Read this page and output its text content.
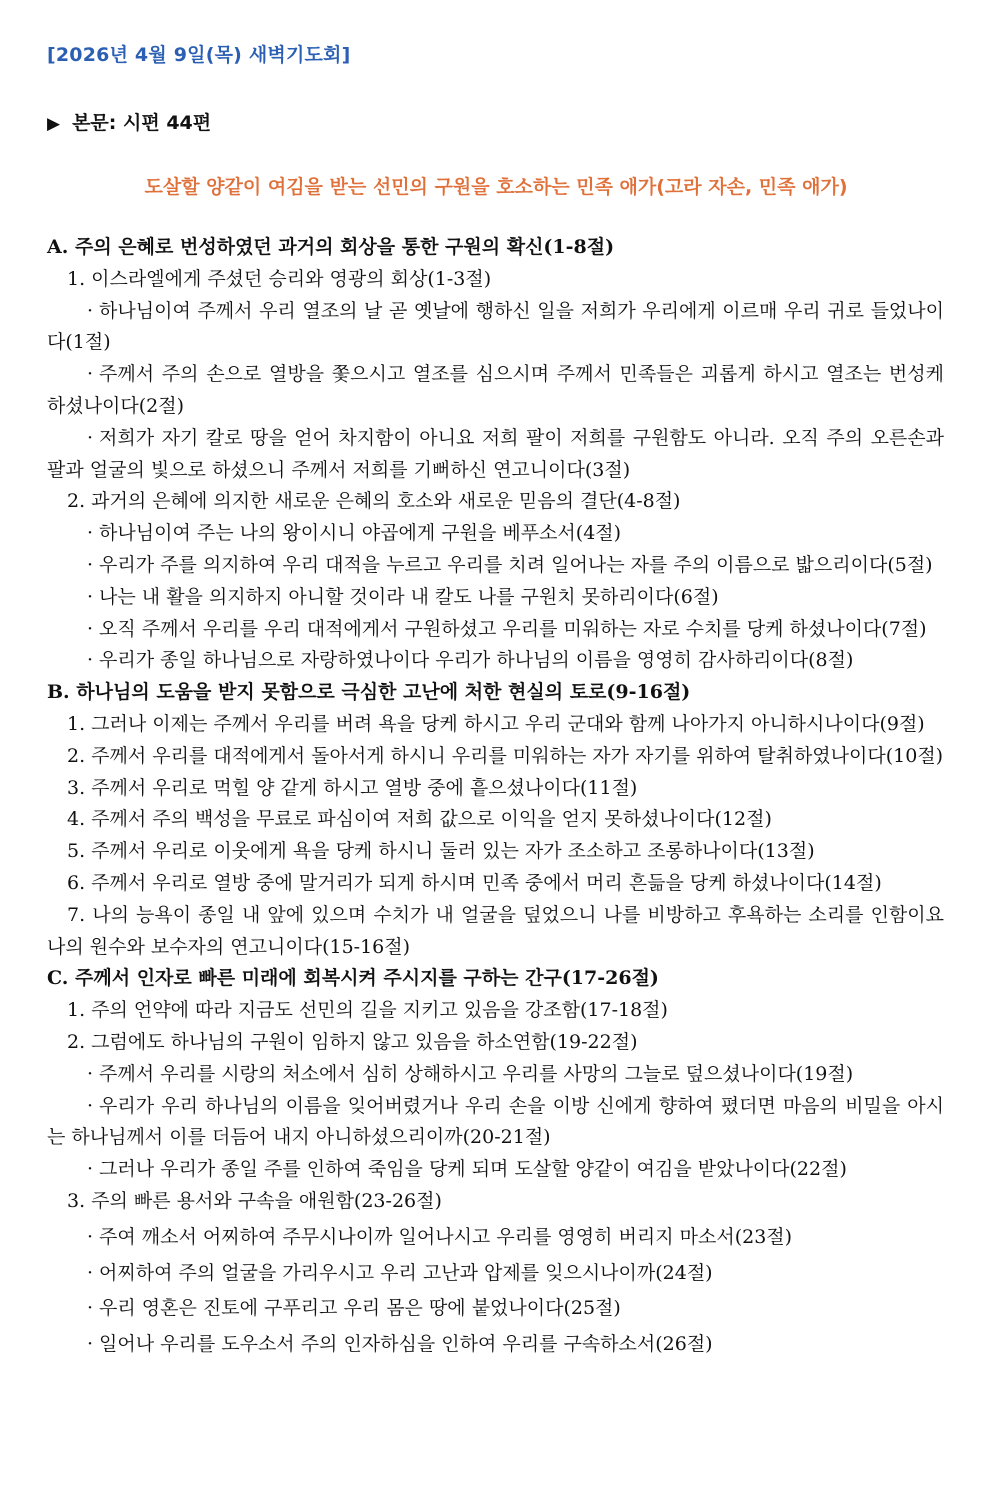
[2026년 4월 9일(목) 새벽기도회]
▶ 본문: 시편 44편
도살할 양같이 여김을 받는 선민의 구원을 호소하는 민족 애가(고라 자손, 민족 애가)
A. 주의 은혜로 번성하였던 과거의 회상을 통한 구원의 확신(1-8절)
1. 이스라엘에게 주셨던 승리와 영광의 회상(1-3절)
· 하나님이여 주께서 우리 열조의 날 곧 옛날에 행하신 일을 저희가 우리에게 이르매 우리 귀로 들었나이다(1절)
· 주께서 주의 손으로 열방을 쫓으시고 열조를 심으시며 주께서 민족들은 괴롭게 하시고 열조는 번성케 하셨나이다(2절)
· 저희가 자기 칼로 땅을 얻어 차지함이 아니요 저희 팔이 저희를 구원함도 아니라. 오직 주의 오른손과 팔과 얼굴의 빛으로 하셨으니 주께서 저희를 기뻐하신 연고니이다(3절)
2. 과거의 은혜에 의지한 새로운 은혜의 호소와 새로운 믿음의 결단(4-8절)
· 하나님이여 주는 나의 왕이시니 야곱에게 구원을 베푸소서(4절)
· 우리가 주를 의지하여 우리 대적을 누르고 우리를 치려 일어나는 자를 주의 이름으로 밟으리이다(5절)
· 나는 내 활을 의지하지 아니할 것이라 내 칼도 나를 구원치 못하리이다(6절)
· 오직 주께서 우리를 우리 대적에게서 구원하셨고 우리를 미워하는 자로 수치를 당케 하셨나이다(7절)
· 우리가 종일 하나님으로 자랑하였나이다 우리가 하나님의 이름을 영영히 감사하리이다(8절)
B. 하나님의 도움을 받지 못함으로 극심한 고난에 처한 현실의 토로(9-16절)
1. 그러나 이제는 주께서 우리를 버려 욕을 당케 하시고 우리 군대와 함께 나아가지 아니하시나이다(9절)
2. 주께서 우리를 대적에게서 돌아서게 하시니 우리를 미워하는 자가 자기를 위하여 탈취하였나이다(10절)
3. 주께서 우리로 먹힐 양 같게 하시고 열방 중에 흩으셨나이다(11절)
4. 주께서 주의 백성을 무료로 파심이여 저희 값으로 이익을 얻지 못하셨나이다(12절)
5. 주께서 우리로 이웃에게 욕을 당케 하시니 둘러 있는 자가 조소하고 조롱하나이다(13절)
6. 주께서 우리로 열방 중에 말거리가 되게 하시며 민족 중에서 머리 흔듦을 당케 하셨나이다(14절)
7. 나의 능욕이 종일 내 앞에 있으며 수치가 내 얼굴을 덮었으니 나를 비방하고 후욕하는 소리를 인함이요 나의 원수와 보수자의 연고니이다(15-16절)
C. 주께서 인자로 빠른 미래에 회복시켜 주시지를 구하는 간구(17-26절)
1. 주의 언약에 따라 지금도 선민의 길을 지키고 있음을 강조함(17-18절)
2. 그럼에도 하나님의 구원이 임하지 않고 있음을 하소연함(19-22절)
· 주께서 우리를 시랑의 처소에서 심히 상해하시고 우리를 사망의 그늘로 덮으셨나이다(19절)
· 우리가 우리 하나님의 이름을 잊어버렸거나 우리 손을 이방 신에게 향하여 폈더면 마음의 비밀을 아시는 하나님께서 이를 더듬어 내지 아니하셨으리이까(20-21절)
· 그러나 우리가 종일 주를 인하여 죽임을 당케 되며 도살할 양같이 여김을 받았나이다(22절)
3. 주의 빠른 용서와 구속을 애원함(23-26절)
· 주여 깨소서 어찌하여 주무시나이까 일어나시고 우리를 영영히 버리지 마소서(23절)
· 어찌하여 주의 얼굴을 가리우시고 우리 고난과 압제를 잊으시나이까(24절)
· 우리 영혼은 진토에 구푸리고 우리 몸은 땅에 붙었나이다(25절)
· 일어나 우리를 도우소서 주의 인자하심을 인하여 우리를 구속하소서(26절)
